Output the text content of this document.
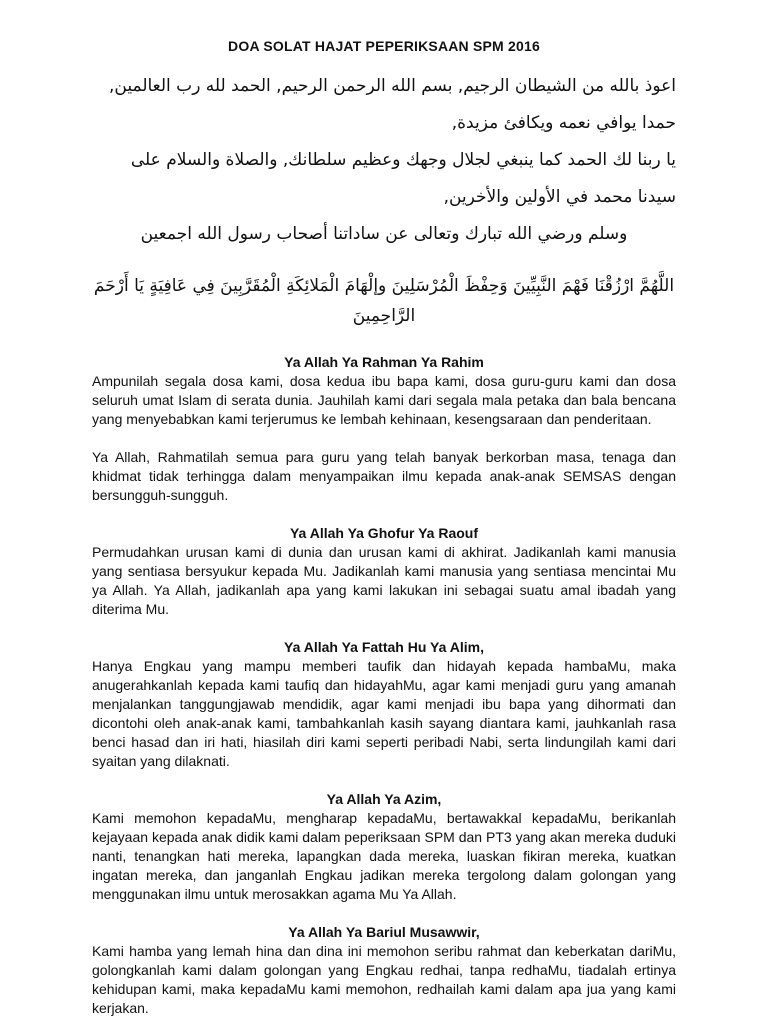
DOA SOLAT HAJAT PEPERIKSAAN SPM 2016

اعوذ بالله من الشيطان الرجيم, بسم الله الرحمن الرحيم, الحمد لله رب العالمين, حمدا يوافي نعمه ويكافئ مزيدة,

يا ربنا لك الحمد كما ينبغي لجلال وجهك وعظيم سلطانك, والصلاة والسلام على سيدنا محمد في الأولين والأخرين,

وسلم ورضي الله تبارك وتعالى عن ساداتنا أصحاب رسول الله اجمعين

اللَّهُمَّ ارْزُقْنَا فَهْمَ النَّبِيِّينَ وَحِفْظَ الْمُرْسَلِينَ وإلْهَامَ الْمَلائِكَةِ الْمُقَرَّبِينَ فِي عَافِيَةٍ يَا أَرْحَمَ الرَّاحِمِينَ

Ya Allah Ya Rahman Ya Rahim

Ampunilah segala dosa kami, dosa kedua ibu bapa kami, dosa guru-guru kami dan dosa seluruh umat Islam di serata dunia. Jauhilah kami dari segala mala petaka dan bala bencana yang menyebabkan kami terjerumus ke lembah kehinaan, kesengsaraan dan penderitaan.

Ya Allah, Rahmatilah semua para guru yang telah banyak berkorban masa, tenaga dan khidmat tidak terhingga dalam menyampaikan ilmu kepada anak-anak SEMSAS dengan bersungguh-sungguh.

Ya Allah Ya Ghofur Ya Raouf

Permudahkan urusan kami di dunia dan urusan kami di akhirat. Jadikanlah kami manusia yang sentiasa bersyukur kepada Mu. Jadikanlah kami manusia yang sentiasa mencintai Mu ya Allah. Ya Allah, jadikanlah apa yang kami lakukan ini sebagai suatu amal ibadah yang diterima Mu.

Ya Allah Ya Fattah Hu Ya Alim,

Hanya Engkau yang mampu memberi taufik dan hidayah kepada hambaMu, maka anugerahkanlah kepada kami taufiq dan hidayahMu, agar kami menjadi guru yang amanah menjalankan tanggungjawab mendidik, agar kami menjadi ibu bapa yang dihormati dan dicontohi oleh anak-anak kami, tambahkanlah kasih sayang diantara kami, jauhkanlah rasa benci hasad dan iri hati, hiasilah diri kami seperti peribadi Nabi, serta lindungilah kami dari syaitan yang dilaknati.

Ya Allah Ya Azim,

Kami memohon kepadaMu, mengharap kepadaMu, bertawakkal kepadaMu, berikanlah kejayaan kepada anak didik kami dalam peperiksaan SPM dan PT3 yang akan mereka duduki nanti, tenangkan hati mereka, lapangkan dada mereka, luaskan fikiran mereka, kuatkan ingatan mereka, dan janganlah Engkau jadikan mereka tergolong dalam golongan yang menggunakan ilmu untuk merosakkan agama Mu Ya Allah.

Ya Allah Ya Bariul Musawwir,

Kami hamba yang lemah hina dan dina ini memohon seribu rahmat dan keberkatan dariMu, golongkanlah kami dalam golongan yang Engkau redhai, tanpa redhaMu, tiadalah ertinya kehidupan kami, maka kepadaMu kami memohon, redhailah kami dalam apa jua yang kami kerjakan.
